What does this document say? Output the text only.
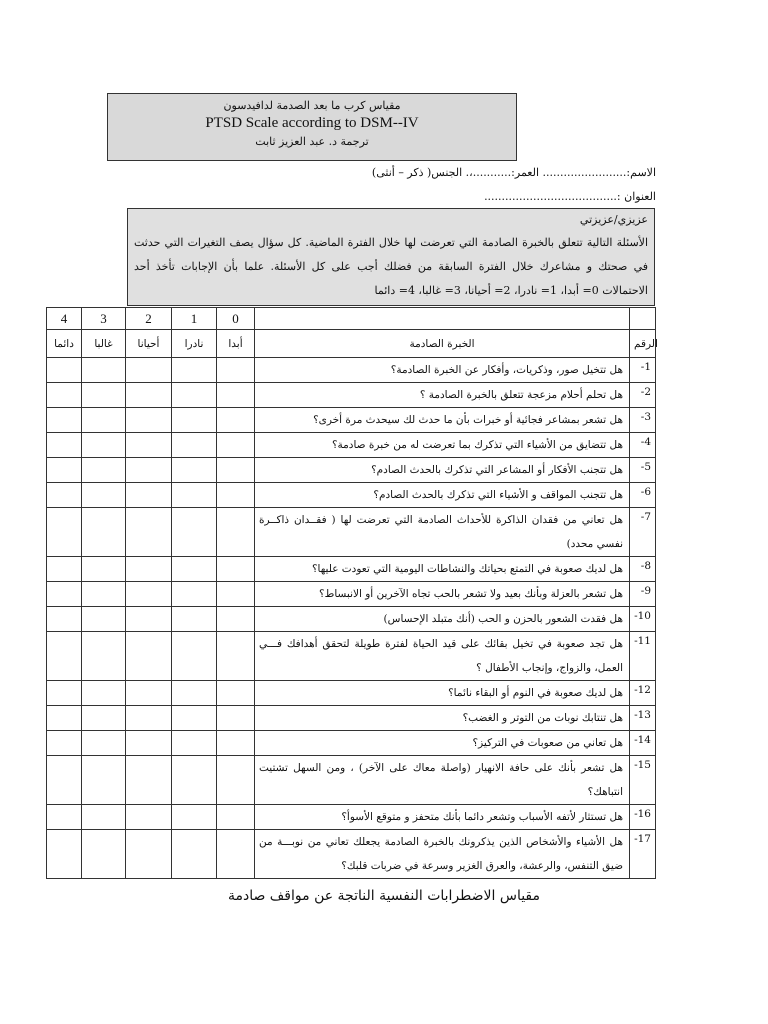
مقياس كرب ما بعد الصدمة لدافيدسون
PTSD Scale according to DSM--IV
ترجمة د. عبد العزيز ثابت
الاسم:........................ العمر:...........،. الجنس( ذكر – أنثى)
العنوان :......................................
عزيزي/عزيزتي
الأسئلة التالية تتعلق بالخبرة الصادمة التي تعرضت لها خلال الفترة الماضية. كل سؤال يصف التغيرات التي حدثت في صحتك و مشاعرك خلال الفترة السابقة من فضلك أجب على كل الأسئلة. علما بأن الإجابات تأخذ أحد الاحتمالات 0= أبدا، 1= نادرا، 2= أحيانا، 3= غالبا، 4= دائما
4	3	2	1	0		
دائما	غالبا	أحيانا	نادرا	أبدا	الخبرة الصادمة	الرقم
					هل تتخيل صور، وذكريات، وأفكار عن الخبرة الصادمة؟	1-
					هل تحلم أحلام مزعجة تتعلق بالخبرة الصادمة ؟	2-
					هل تشعر بمشاعر فجائية أو خبرات بأن ما حدث لك سيحدث مرة أخرى؟	3-
					هل تتضايق من الأشياء التي تذكرك بما تعرضت له من خبرة صادمة؟	4-
					هل تتجنب الأفكار أو المشاعر التي تذكرك بالحدث الصادم؟	5-
					هل تتجنب المواقف و الأشياء التي تذكرك بالحدث الصادم؟	6-
					هل تعاني من فقدان الذاكرة للأحداث الصادمة التي تعرضت لها ( فقــدان ذاكــرة نفسي محدد)	7-
					هل لديك صعوبة في التمتع بحياتك والنشاطات اليومية التي تعودت عليها؟	8-
					هل تشعر بالعزلة وبأنك بعيد ولا تشعر بالحب تجاه الآخرين أو الانبساط؟	9-
					هل فقدت الشعور بالحزن و الحب (أنك متبلد الإحساس)	10-
					هل تجد صعوبة في تخيل بقائك على قيد الحياة لفترة طويلة لتحقق أهدافك فـــي العمل، والزواج، وإنجاب الأطفال ؟	11-
					هل لديك صعوبة في النوم أو البقاء نائما؟	12-
					هل تنتابك نوبات من التوتر و الغضب؟	13-
					هل تعاني من صعوبات في التركيز؟	14-
					هل تشعر بأنك على حافة الانهيار (واصلة معاك على الآخر) ، ومن السهل تشتيت انتباهك؟	15-
					هل تستثار لأتفه الأسباب وتشعر دائما بأنك متحفز و متوقع الأسوأ؟	16-
					هل الأشياء والأشخاص الذين يذكرونك بالخبرة الصادمة يجعلك تعاني من نوبـــة من ضيق التنفس، والرعشة، والعرق الغزير وسرعة في ضربات قلبك؟	17-
مقياس الاضطرابات النفسية الناتجة عن مواقف صادمة
